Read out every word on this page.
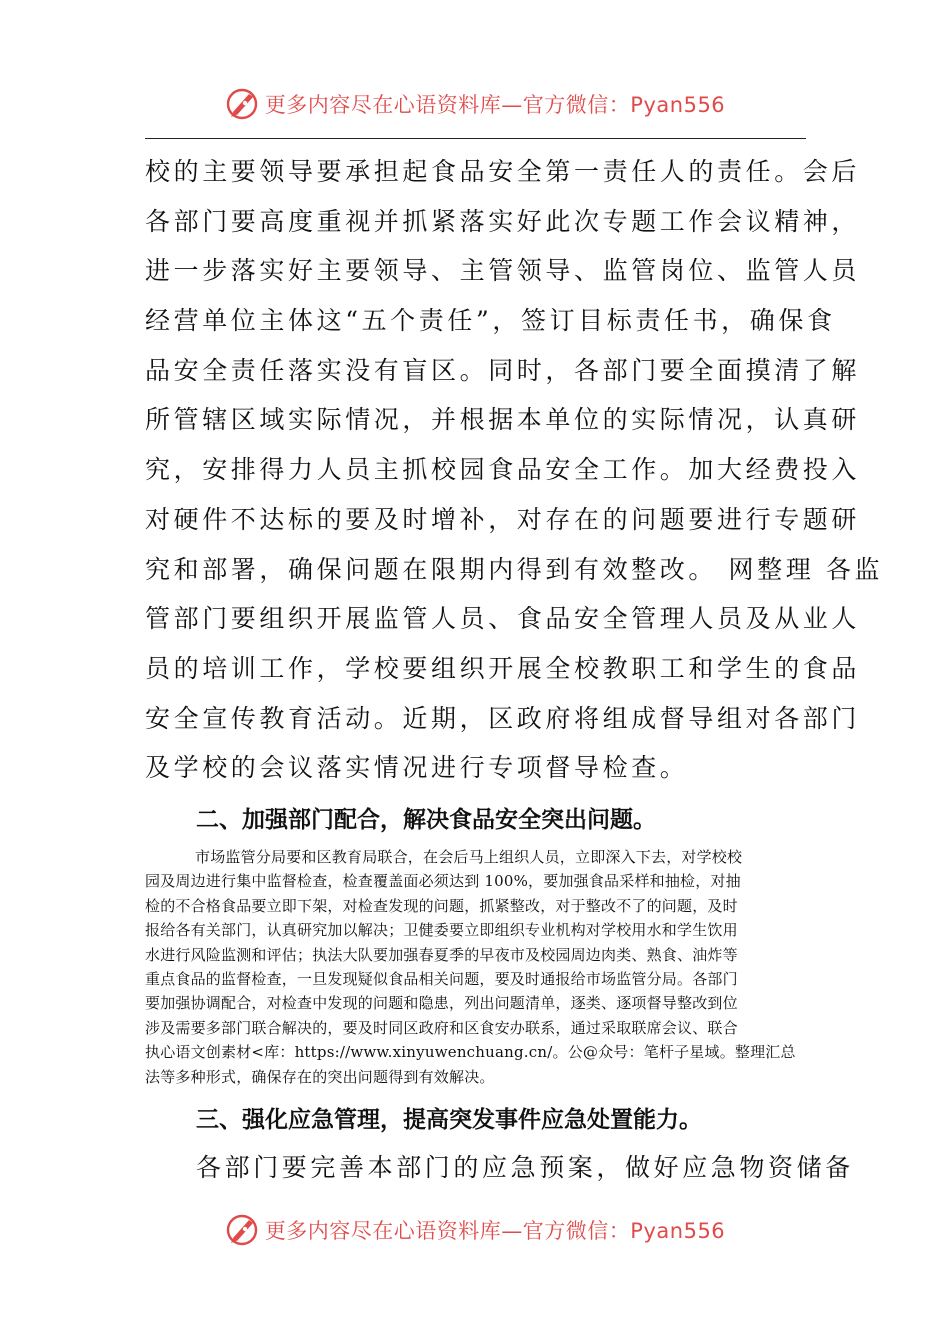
更多内容尽在心语资料库—官方微信：Pyan556
校的主要领导要承担起食品安全第一责任人的责任。会后
各部门要高度重视并抓紧落实好此次专题工作会议精神，
进一步落实好主要领导、主管领导、监管岗位、监管人员
经营单位主体这“五个责任”，签订目标责任书，确保食
品安全责任落实没有盲区。同时，各部门要全面摸清了解
所管辖区域实际情况，并根据本单位的实际情况，认真研
究，安排得力人员主抓校园食品安全工作。加大经费投入
对硬件不达标的要及时增补，对存在的问题要进行专题研
究和部署，确保问题在限期内得到有效整改。 网整理 各监
管部门要组织开展监管人员、食品安全管理人员及从业人
员的培训工作，学校要组织开展全校教职工和学生的食品
安全宣传教育活动。近期，区政府将组成督导组对各部门
及学校的会议落实情况进行专项督导检查。
二、加强部门配合，解决食品安全突出问题。
市场监管分局要和区教育局联合，在会后马上组织人员，立即深入下去，对学校校
园及周边进行集中监督检查，检查覆盖面必须达到 100%，要加强食品采样和抽检，对抽
检的不合格食品要立即下架，对检查发现的问题，抓紧整改，对于整改不了的问题，及时
报给各有关部门，认真研究加以解决；卫健委要立即组织专业机构对学校用水和学生饮用
水进行风险监测和评估；执法大队要加强春夏季的早夜市及校园周边肉类、熟食、油炸等
重点食品的监督检查，一旦发现疑似食品相关问题，要及时通报给市场监管分局。各部门
要加强协调配合，对检查中发现的问题和隐患，列出问题清单，逐类、逐项督导整改到位
涉及需要多部门联合解决的，要及时同区政府和区食安办联系，通过采取联席会议、联合
执心语文创素材<库：https://www.xinyuwenchuang.cn/。公@众号：笔杆子星域。整理汇总
法等多种形式，确保存在的突出问题得到有效解决。
三、强化应急管理，提高突发事件应急处置能力。
各部门要完善本部门的应急预案，做好应急物资储备
更多内容尽在心语资料库—官方微信：Pyan556
